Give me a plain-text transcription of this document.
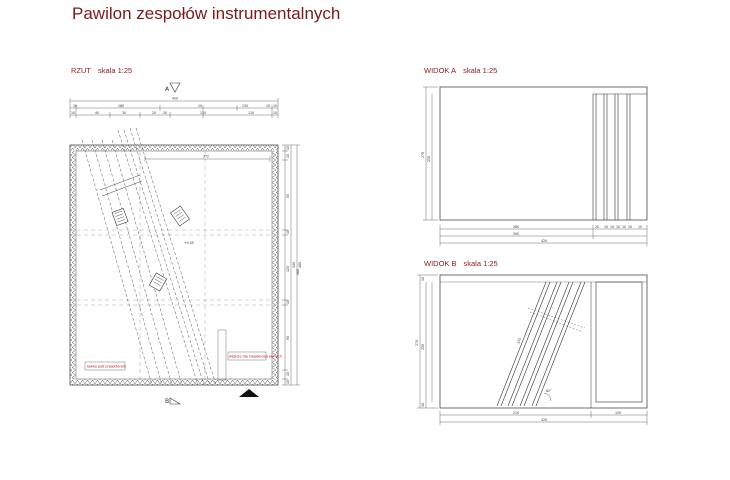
Pawilon zespołów instrumentalnych
RZUT skala 1:25	WIDOK A skala 1:25
WIDOK B skala 1:25
A
420
10	180	10	130	10 10
10	40	30	20 20	110	110	10
372
+0.05
ławka pod projektorem
wejście dla niepełnosprawnych
10
10
50
10
120
10
90
10
10
440 460
460
B
270
250
280
300
420
20 10 10 10 10 10 10
62°
375
270
250
10
10
210	100
420
